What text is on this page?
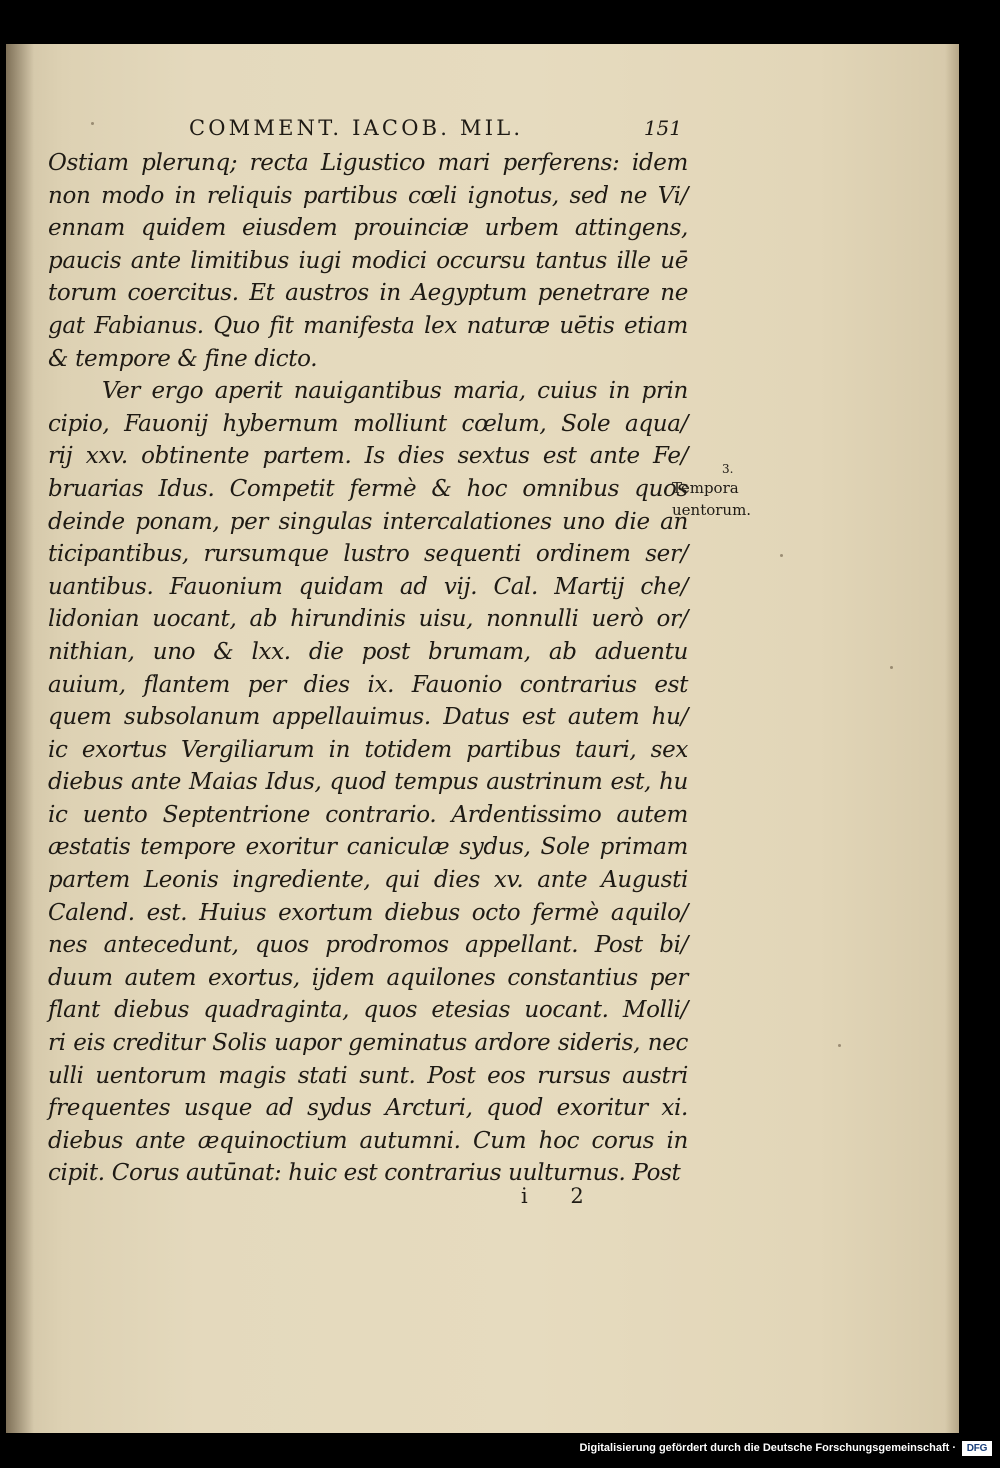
COMMENT. IACOB. MIL.	151
Ostiam plerunq; recta Ligustico mari perferens: idem
non modo in reliquis partibus cœli ignotus, sed ne Vi/
ennam quidem eiusdem prouinciæ urbem attingens,
paucis ante limitibus iugi modici occursu tantus ille uē
torum coercitus. Et austros in Aegyptum penetrare ne
gat Fabianus. Quo fit manifesta lex naturæ uētis etiam
& tempore & fine dicto.
Ver ergo aperit nauigantibus maria, cuius in prin
cipio, Fauonij hybernum molliunt cœlum, Sole aqua/
rij xxv. obtinente partem. Is dies sextus est ante Fe/
bruarias Idus. Competit fermè & hoc omnibus quos
deinde ponam, per singulas intercalationes uno die an
ticipantibus, rursumque lustro sequenti ordinem ser/
uantibus. Fauonium quidam ad vij. Cal. Martij che/
lidonian uocant, ab hirundinis uisu, nonnulli uerò or/
nithian, uno & lxx. die post brumam, ab aduentu
auium, flantem per dies ix. Fauonio contrarius est
quem subsolanum appellauimus. Datus est autem hu/
ic exortus Vergiliarum in totidem partibus tauri, sex
diebus ante Maias Idus, quod tempus austrinum est, hu
ic uento Septentrione contrario. Ardentissimo autem
æstatis tempore exoritur caniculæ sydus, Sole primam
partem Leonis ingrediente, qui dies xv. ante Augusti
Calend. est. Huius exortum diebus octo fermè aquilo/
nes antecedunt, quos prodromos appellant. Post bi/
duum autem exortus, ijdem aquilones constantius per
flant diebus quadraginta, quos etesias uocant. Molli/
ri eis creditur Solis uapor geminatus ardore sideris, nec
ulli uentorum magis stati sunt. Post eos rursus austri
frequentes usque ad sydus Arcturi, quod exoritur xi.
diebus ante æquinoctium autumni. Cum hoc corus in
cipit. Corus autūnat: huic est contrarius uulturnus. Post
3.
Tempora
uentorum.
i 2
Digitalisierung gefördert durch die Deutsche Forschungsgemeinschaft ·	DFG
